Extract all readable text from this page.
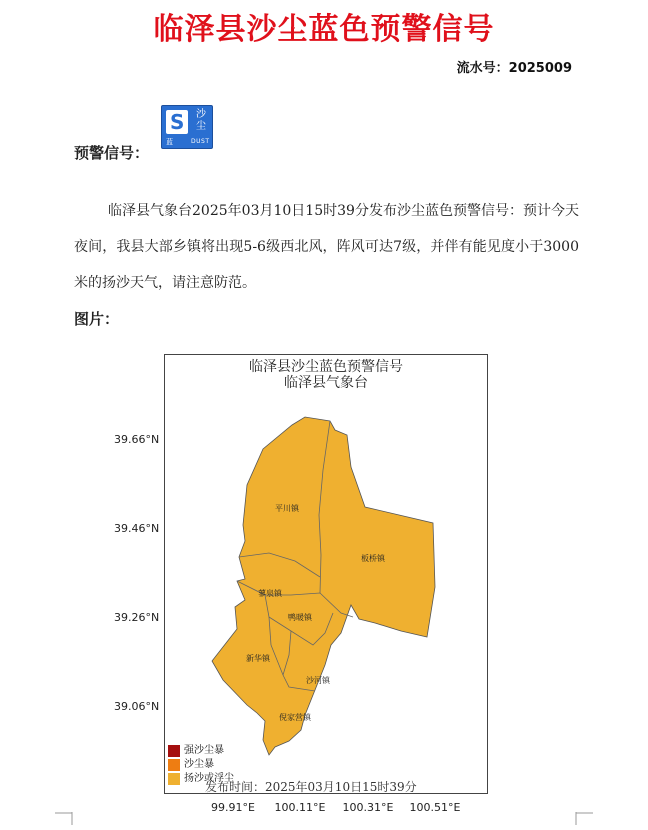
临泽县沙尘蓝色预警信号
流水号：2025009
预警信号：
S	沙
尘
蓝	DUST

临泽县气象台2025年03月10日15时39分发布沙尘蓝色预警信号：预计今天夜间，我县大部乡镇将出现5-6级西北风，阵风可达7级，并伴有能见度小于3000米的扬沙天气，请注意防范。

图片：
临泽县沙尘蓝色预警信号
临泽县气象台
39.66°N
39.46°N
39.26°N
39.06°N
99.91°E	100.11°E	100.31°E	100.51°E
平川镇
板桥镇
蓼泉镇
鸭暖镇
新华镇
沙河镇
倪家营镇
强沙尘暴
沙尘暴
扬沙或浮尘
发布时间：2025年03月10日15时39分
